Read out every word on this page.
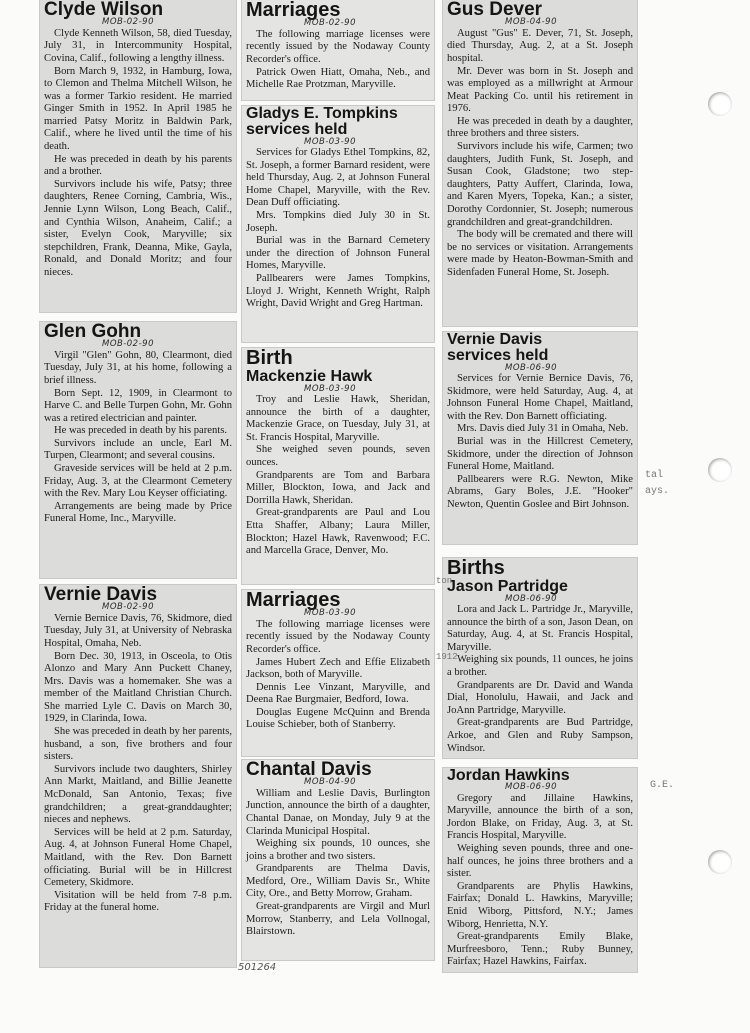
Clyde Wilson
MOB-02-90

Clyde Kenneth Wilson, 58, died Tuesday, July 31, in Intercommunity Hospital, Covina, Calif., following a lengthy illness.

Born March 9, 1932, in Hamburg, Iowa, to Clemon and Thelma Mitchell Wilson, he was a former Tarkio resident. He married Ginger Smith in 1952. In April 1985 he married Patsy Moritz in Baldwin Park, Calif., where he lived until the time of his death.

He was preceded in death by his parents and a brother.

Survivors include his wife, Patsy; three daughters, Renee Corning, Cambria, Wis., Jennie Lynn Wilson, Long Beach, Calif., and Cynthia Wilson, Anaheim, Calif.; a sister, Evelyn Cook, Maryville; six stepchildren, Frank, Deanna, Mike, Gayla, Ronald, and Donald Moritz; and four nieces.

Glen Gohn
MOB-02-90

Virgil "Glen" Gohn, 80, Clearmont, died Tuesday, July 31, at his home, following a brief illness.

Born Sept. 12, 1909, in Clearmont to Harve C. and Belle Turpen Gohn, Mr. Gohn was a retired electrician and painter.

He was preceded in death by his parents.

Survivors include an uncle, Earl M. Turpen, Clearmont; and several cousins.

Graveside services will be held at 2 p.m. Friday, Aug. 3, at the Clearmont Cemetery with the Rev. Mary Lou Keyser officiating.

Arrangements are being made by Price Funeral Home, Inc., Maryville.

Vernie Davis
MOB-02-90

Vernie Bernice Davis, 76, Skidmore, died Tuesday, July 31, at University of Nebraska Hospital, Omaha, Neb.

Born Dec. 30, 1913, in Osceola, to Otis Alonzo and Mary Ann Puckett Chaney, Mrs. Davis was a homemaker. She was a member of the Maitland Christian Church. She married Lyle C. Davis on March 30, 1929, in Clarinda, Iowa.

She was preceded in death by her parents, husband, a son, five brothers and four sisters.

Survivors include two daughters, Shirley Ann Markt, Maitland, and Billie Jeanette McDonald, San Antonio, Texas; five grandchildren; a great-granddaughter; nieces and nephews.

Services will be held at 2 p.m. Saturday, Aug. 4, at Johnson Funeral Home Chapel, Maitland, with the Rev. Don Barnett officiating. Burial will be in Hillcrest Cemetery, Skidmore.

Visitation will be held from 7-8 p.m. Friday at the funeral home.

Marriages
MOB-02-90

The following marriage licenses were recently issued by the Nodaway County Recorder's office.

Patrick Owen Hiatt, Omaha, Neb., and Michelle Rae Protzman, Maryville.

Gladys E. Tompkins services held
MOB-03-90

Services for Gladys Ethel Tompkins, 82, St. Joseph, a former Barnard resident, were held Thursday, Aug. 2, at Johnson Funeral Home Chapel, Maryville, with the Rev. Dean Duff officiating.

Mrs. Tompkins died July 30 in St. Joseph.

Burial was in the Barnard Cemetery under the direction of Johnson Funeral Homes, Maryville.

Pallbearers were James Tompkins, Lloyd J. Wright, Kenneth Wright, Ralph Wright, David Wright and Greg Hartman.

Birth
Mackenzie Hawk
MOB-03-90

Troy and Leslie Hawk, Sheridan, announce the birth of a daughter, Mackenzie Grace, on Tuesday, July 31, at St. Francis Hospital, Maryville.

She weighed seven pounds, seven ounces.

Grandparents are Tom and Barbara Miller, Blockton, Iowa, and Jack and Dorrilla Hawk, Sheridan.

Great-grandparents are Paul and Lou Etta Shaffer, Albany; Laura Miller, Blockton; Hazel Hawk, Ravenwood; F.C. and Marcella Grace, Denver, Mo.

Marriages
MOB-03-90

The following marriage licenses were recently issued by the Nodaway County Recorder's office.

James Hubert Zech and Effie Elizabeth Jackson, both of Maryville.

Dennis Lee Vinzant, Maryville, and Deena Rae Burgmaier, Bedford, Iowa.

Douglas Eugene McQuinn and Brenda Louise Schieber, both of Stanberry.

Chantal Davis
MOB-04-90

William and Leslie Davis, Burlington Junction, announce the birth of a daughter, Chantal Danae, on Monday, July 9 at the Clarinda Municipal Hospital.

Weighing six pounds, 10 ounces, she joins a brother and two sisters.

Grandparents are Thelma Davis, Medford, Ore., William Davis Sr., White City, Ore., and Betty Morrow, Graham.

Great-grandparents are Virgil and Murl Morrow, Stanberry, and Lela Vollnogal, Blairstown.

Gus Dever
MOB-04-90

August "Gus" E. Dever, 71, St. Joseph, died Thursday, Aug. 2, at a St. Joseph hospital.

Mr. Dever was born in St. Joseph and was employed as a millwright at Armour Meat Packing Co. until his retirement in 1976.

He was preceded in death by a daughter, three brothers and three sisters.

Survivors include his wife, Carmen; two daughters, Judith Funk, St. Joseph, and Susan Cook, Gladstone; two step-daughters, Patty Auffert, Clarinda, Iowa, and Karen Myers, Topeka, Kan.; a sister, Dorothy Cordonnier, St. Joseph; numerous grandchildren and great-grandchildren.

The body will be cremated and there will be no services or visitation. Arrangements were made by Heaton-Bowman-Smith and Sidenfaden Funeral Home, St. Joseph.

Vernie Davis services held
MOB-06-90

Services for Vernie Bernice Davis, 76, Skidmore, were held Saturday, Aug. 4, at Johnson Funeral Home Chapel, Maitland, with the Rev. Don Barnett officiating.

Mrs. Davis died July 31 in Omaha, Neb.

Burial was in the Hillcrest Cemetery, Skidmore, under the direction of Johnson Funeral Home, Maitland.

Pallbearers were R.G. Newton, Mike Abrams, Gary Boles, J.E. "Hooker" Newton, Quentin Goslee and Birt Johnson.

Births
Jason Partridge
MOB-06-90

Lora and Jack L. Partridge Jr., Maryville, announce the birth of a son, Jason Dean, on Saturday, Aug. 4, at St. Francis Hospital, Maryville.

Weighing six pounds, 11 ounces, he joins a brother.

Grandparents are Dr. David and Wanda Dial, Honolulu, Hawaii, and Jack and JoAnn Partridge, Maryville.

Great-grandparents are Bud Partridge, Arkoe, and Glen and Ruby Sampson, Windsor.

Jordan Hawkins
MOB-06-90

Gregory and Jillaine Hawkins, Maryville, announce the birth of a son, Jordon Blake, on Friday, Aug. 3, at St. Francis Hospital, Maryville.

Weighing seven pounds, three and one-half ounces, he joins three brothers and a sister.

Grandparents are Phylis Hawkins, Fairfax; Donald L. Hawkins, Maryville; Enid Wiborg, Pittsford, N.Y.; James Wiborg, Henrietta, N.Y.

Great-grandparents Emily Blake, Murfreesboro, Tenn.; Ruby Bunney, Fairfax; Hazel Hawkins, Fairfax.

tal
ays.
ton
1912
G.E.
501264
